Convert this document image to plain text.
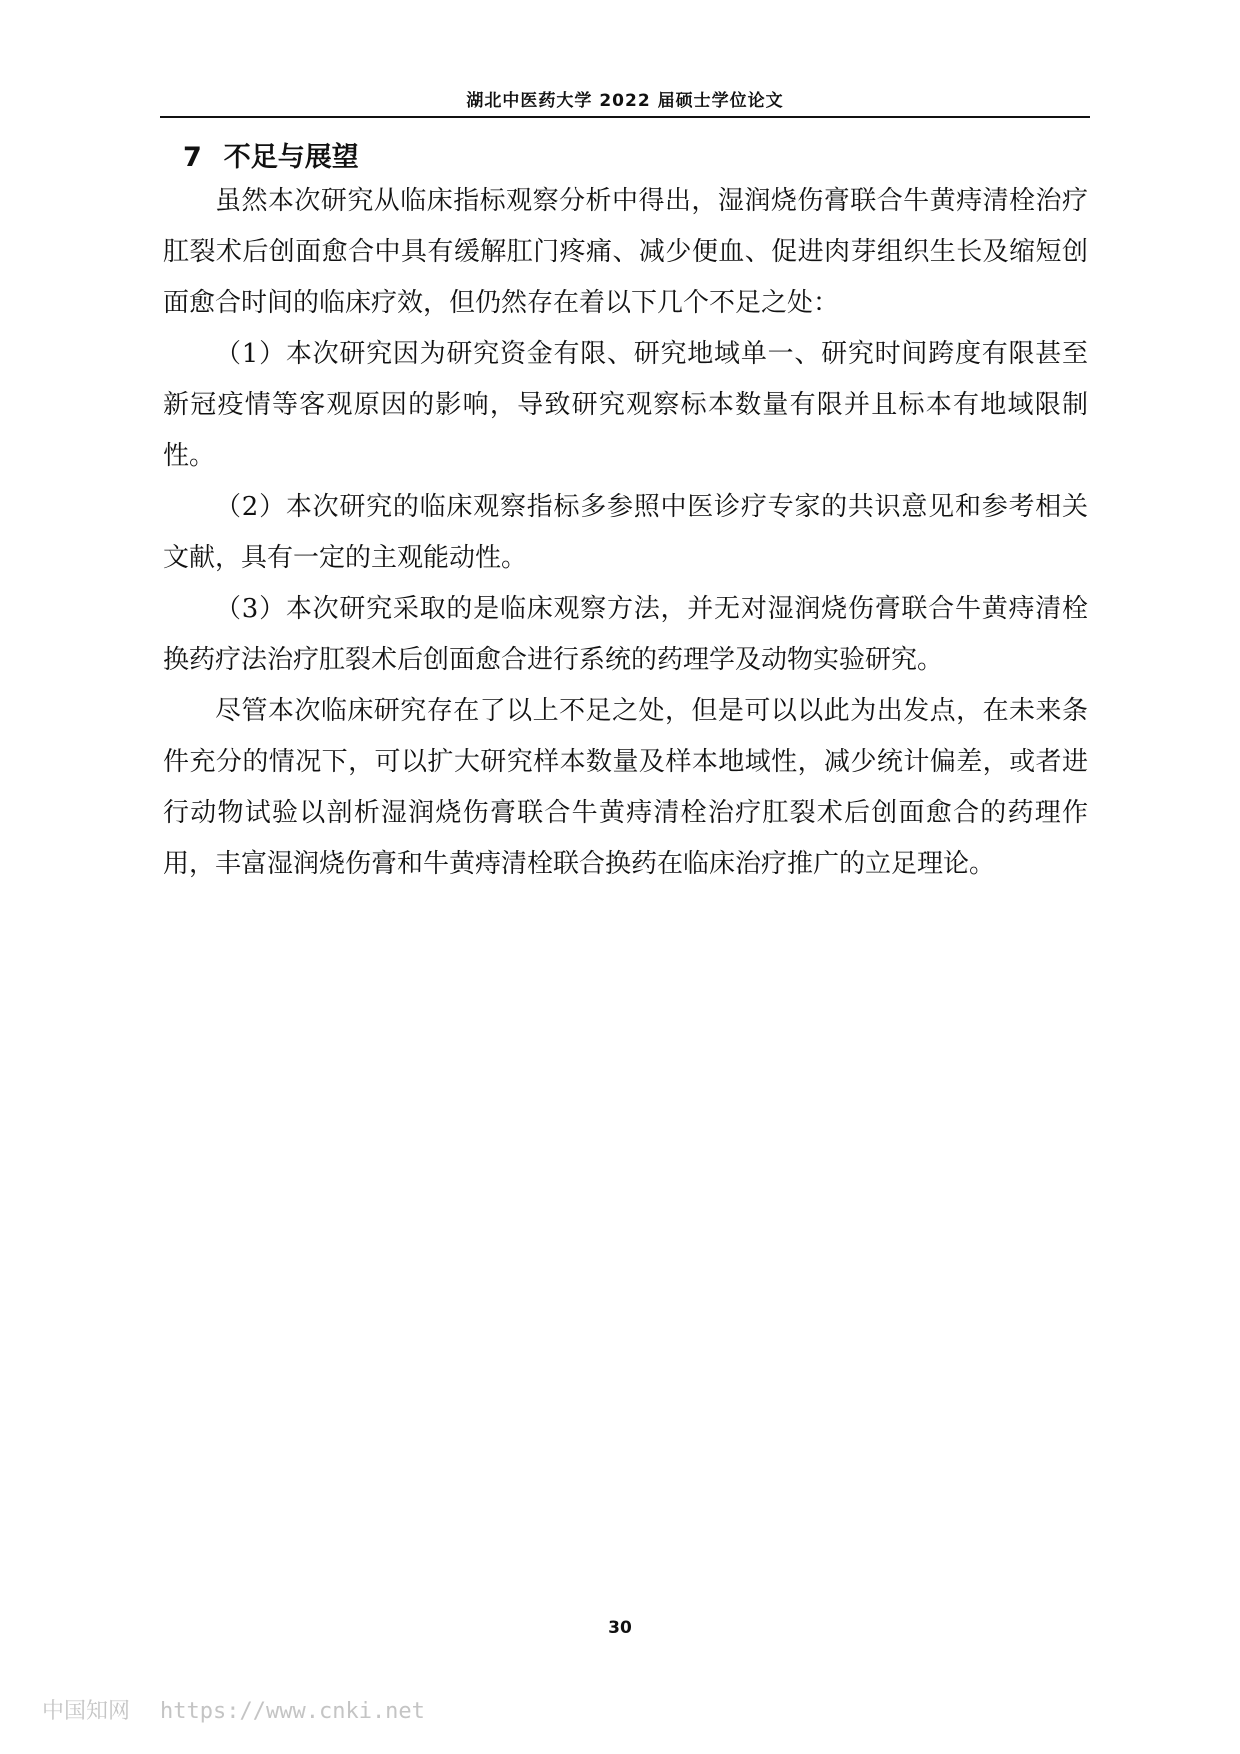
湖北中医药大学 2022 届硕士学位论文
7 不足与展望

虽然本次研究从临床指标观察分析中得出，湿润烧伤膏联合牛黄痔清栓治疗肛裂术后创面愈合中具有缓解肛门疼痛、减少便血、促进肉芽组织生长及缩短创面愈合时间的临床疗效，但仍然存在着以下几个不足之处：

（1）本次研究因为研究资金有限、研究地域单一、研究时间跨度有限甚至新冠疫情等客观原因的影响，导致研究观察标本数量有限并且标本有地域限制性。

（2）本次研究的临床观察指标多参照中医诊疗专家的共识意见和参考相关文献，具有一定的主观能动性。

（3）本次研究采取的是临床观察方法，并无对湿润烧伤膏联合牛黄痔清栓换药疗法治疗肛裂术后创面愈合进行系统的药理学及动物实验研究。

尽管本次临床研究存在了以上不足之处，但是可以以此为出发点，在未来条件充分的情况下，可以扩大研究样本数量及样本地域性，减少统计偏差，或者进行动物试验以剖析湿润烧伤膏联合牛黄痔清栓治疗肛裂术后创面愈合的药理作用，丰富湿润烧伤膏和牛黄痔清栓联合换药在临床治疗推广的立足理论。

30
中国知网 https://www.cnki.net
